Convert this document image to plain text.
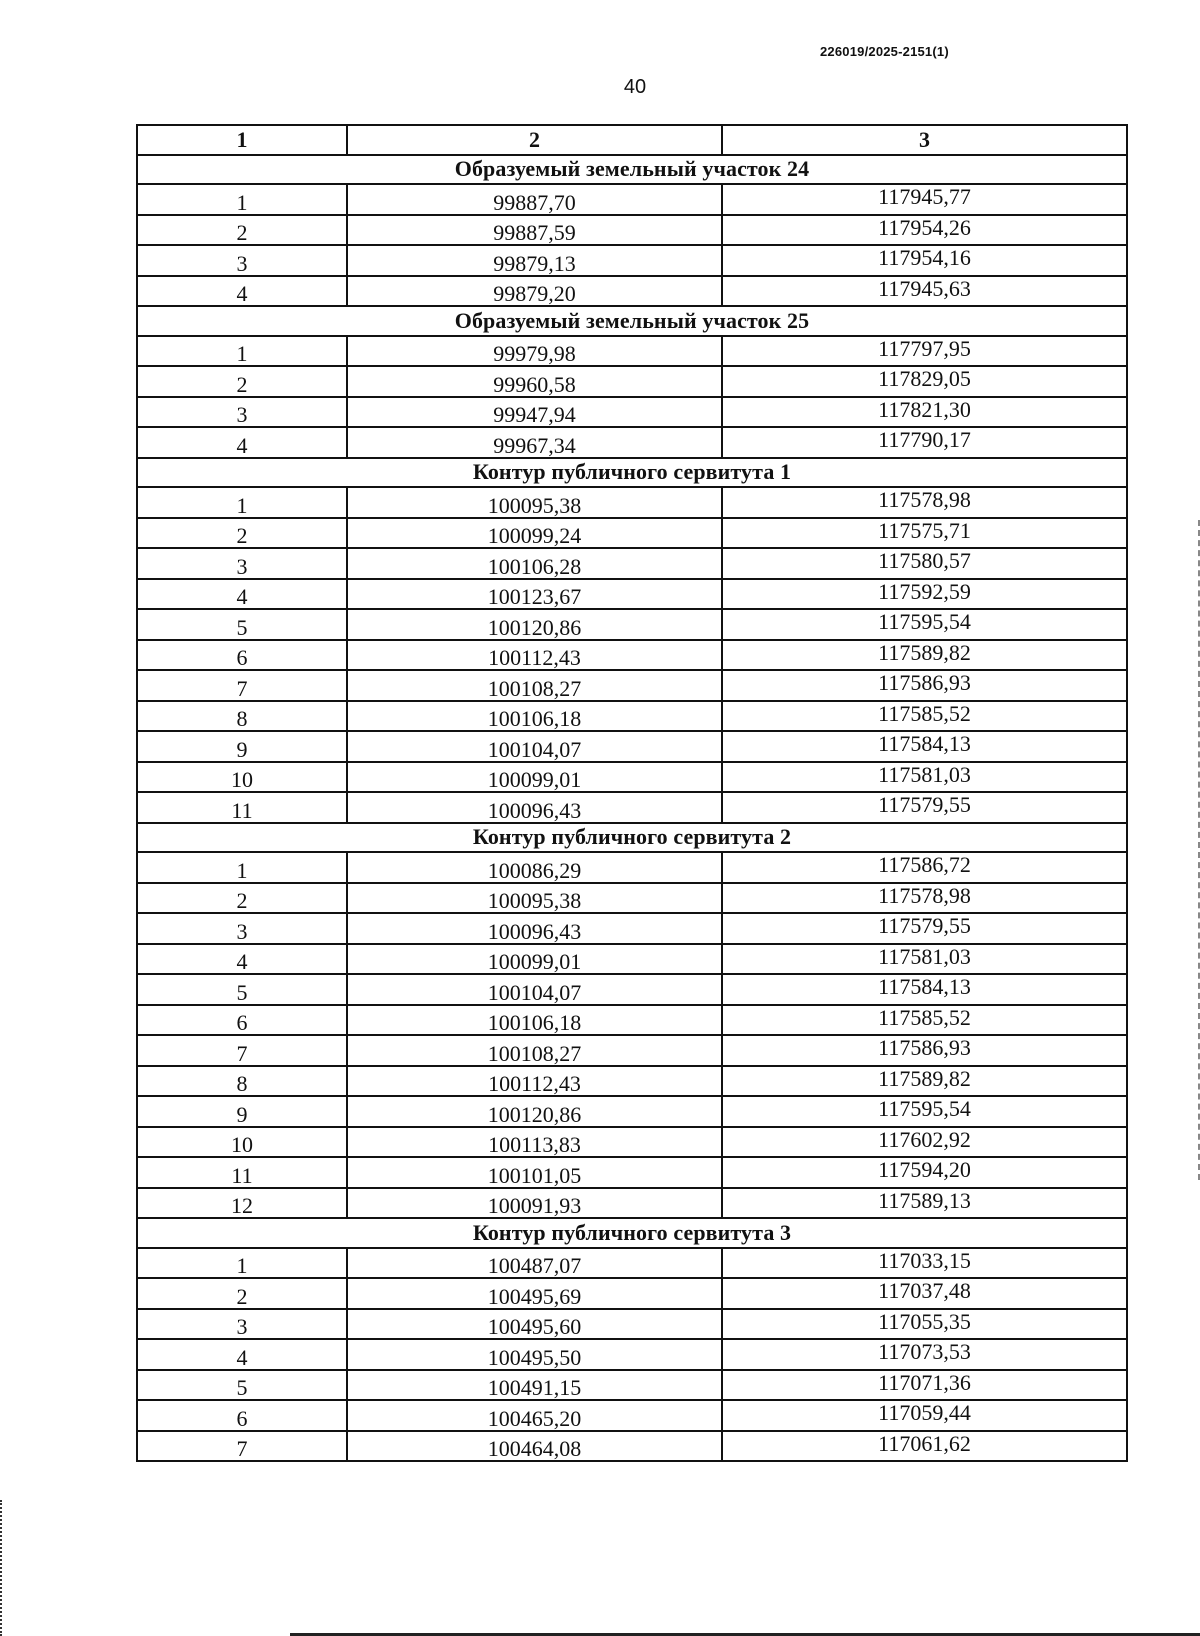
226019/2025-2151(1)
40
1	2	3
Образуемый земельный участок 24		
1	99887,70	117945,77
2	99887,59	117954,26
3	99879,13	117954,16
4	99879,20	117945,63
Образуемый земельный участок 25		
1	99979,98	117797,95
2	99960,58	117829,05
3	99947,94	117821,30
4	99967,34	117790,17
Контур публичного сервитута 1		
1	100095,38	117578,98
2	100099,24	117575,71
3	100106,28	117580,57
4	100123,67	117592,59
5	100120,86	117595,54
6	100112,43	117589,82
7	100108,27	117586,93
8	100106,18	117585,52
9	100104,07	117584,13
10	100099,01	117581,03
11	100096,43	117579,55
Контур публичного сервитута 2		
1	100086,29	117586,72
2	100095,38	117578,98
3	100096,43	117579,55
4	100099,01	117581,03
5	100104,07	117584,13
6	100106,18	117585,52
7	100108,27	117586,93
8	100112,43	117589,82
9	100120,86	117595,54
10	100113,83	117602,92
11	100101,05	117594,20
12	100091,93	117589,13
Контур публичного сервитута 3		
1	100487,07	117033,15
2	100495,69	117037,48
3	100495,60	117055,35
4	100495,50	117073,53
5	100491,15	117071,36
6	100465,20	117059,44
7	100464,08	117061,62
